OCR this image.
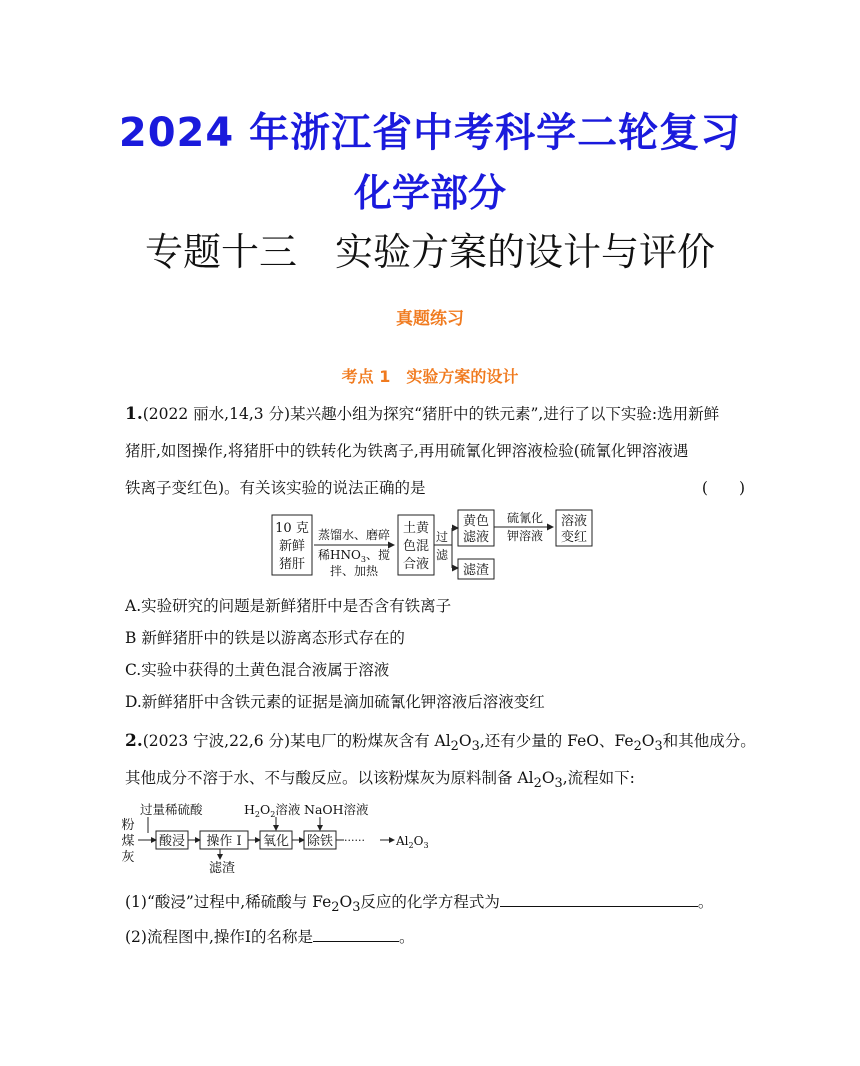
2024 年浙江省中考科学二轮复习
化学部分
专题十三　实验方案的设计与评价
真题练习
考点 1　实验方案的设计
1.(2022 丽水,14,3 分)某兴趣小组为探究“猪肝中的铁元素”,进行了以下实验:选用新鲜
猪肝,如图操作,将猪肝中的铁转化为铁离子,再用硫氰化钾溶液检验(硫氰化钾溶液遇
铁离子变红色)。有关该实验的说法正确的是	(　　)
10 克
新鲜
猪肝
蒸馏水、磨碎
稀$HNO_3$、搅
拌、加热
土黄
色混
合液
过
滤
黄色
滤液
硫氰化
钾溶液
溶液
变红
滤渣
A.实验研究的问题是新鲜猪肝中是否含有铁离子
B 新鲜猪肝中的铁是以游离态形式存在的
C.实验中获得的土黄色混合液属于溶液
D.新鲜猪肝中含铁元素的证据是滴加硫氰化钾溶液后溶液变红
2.(2023 宁波,22,6 分)某电厂的粉煤灰含有 $Al_2O_3$,还有少量的 FeO、$Fe_2O_3$和其他成分。
其他成分不溶于水、不与酸反应。以该粉煤灰为原料制备 $Al_2O_3$,流程如下:
粉
煤
灰
过量稀硫酸
酸浸 操作 I
滤渣
$H_2O_2$溶液
氧化
NaOH溶液
除铁 ······	$Al_2O_3$
(1)“酸浸”过程中,稀硫酸与 $Fe_2O_3$反应的化学方程式为	。
(2)流程图中,操作Ⅰ的名称是	。
